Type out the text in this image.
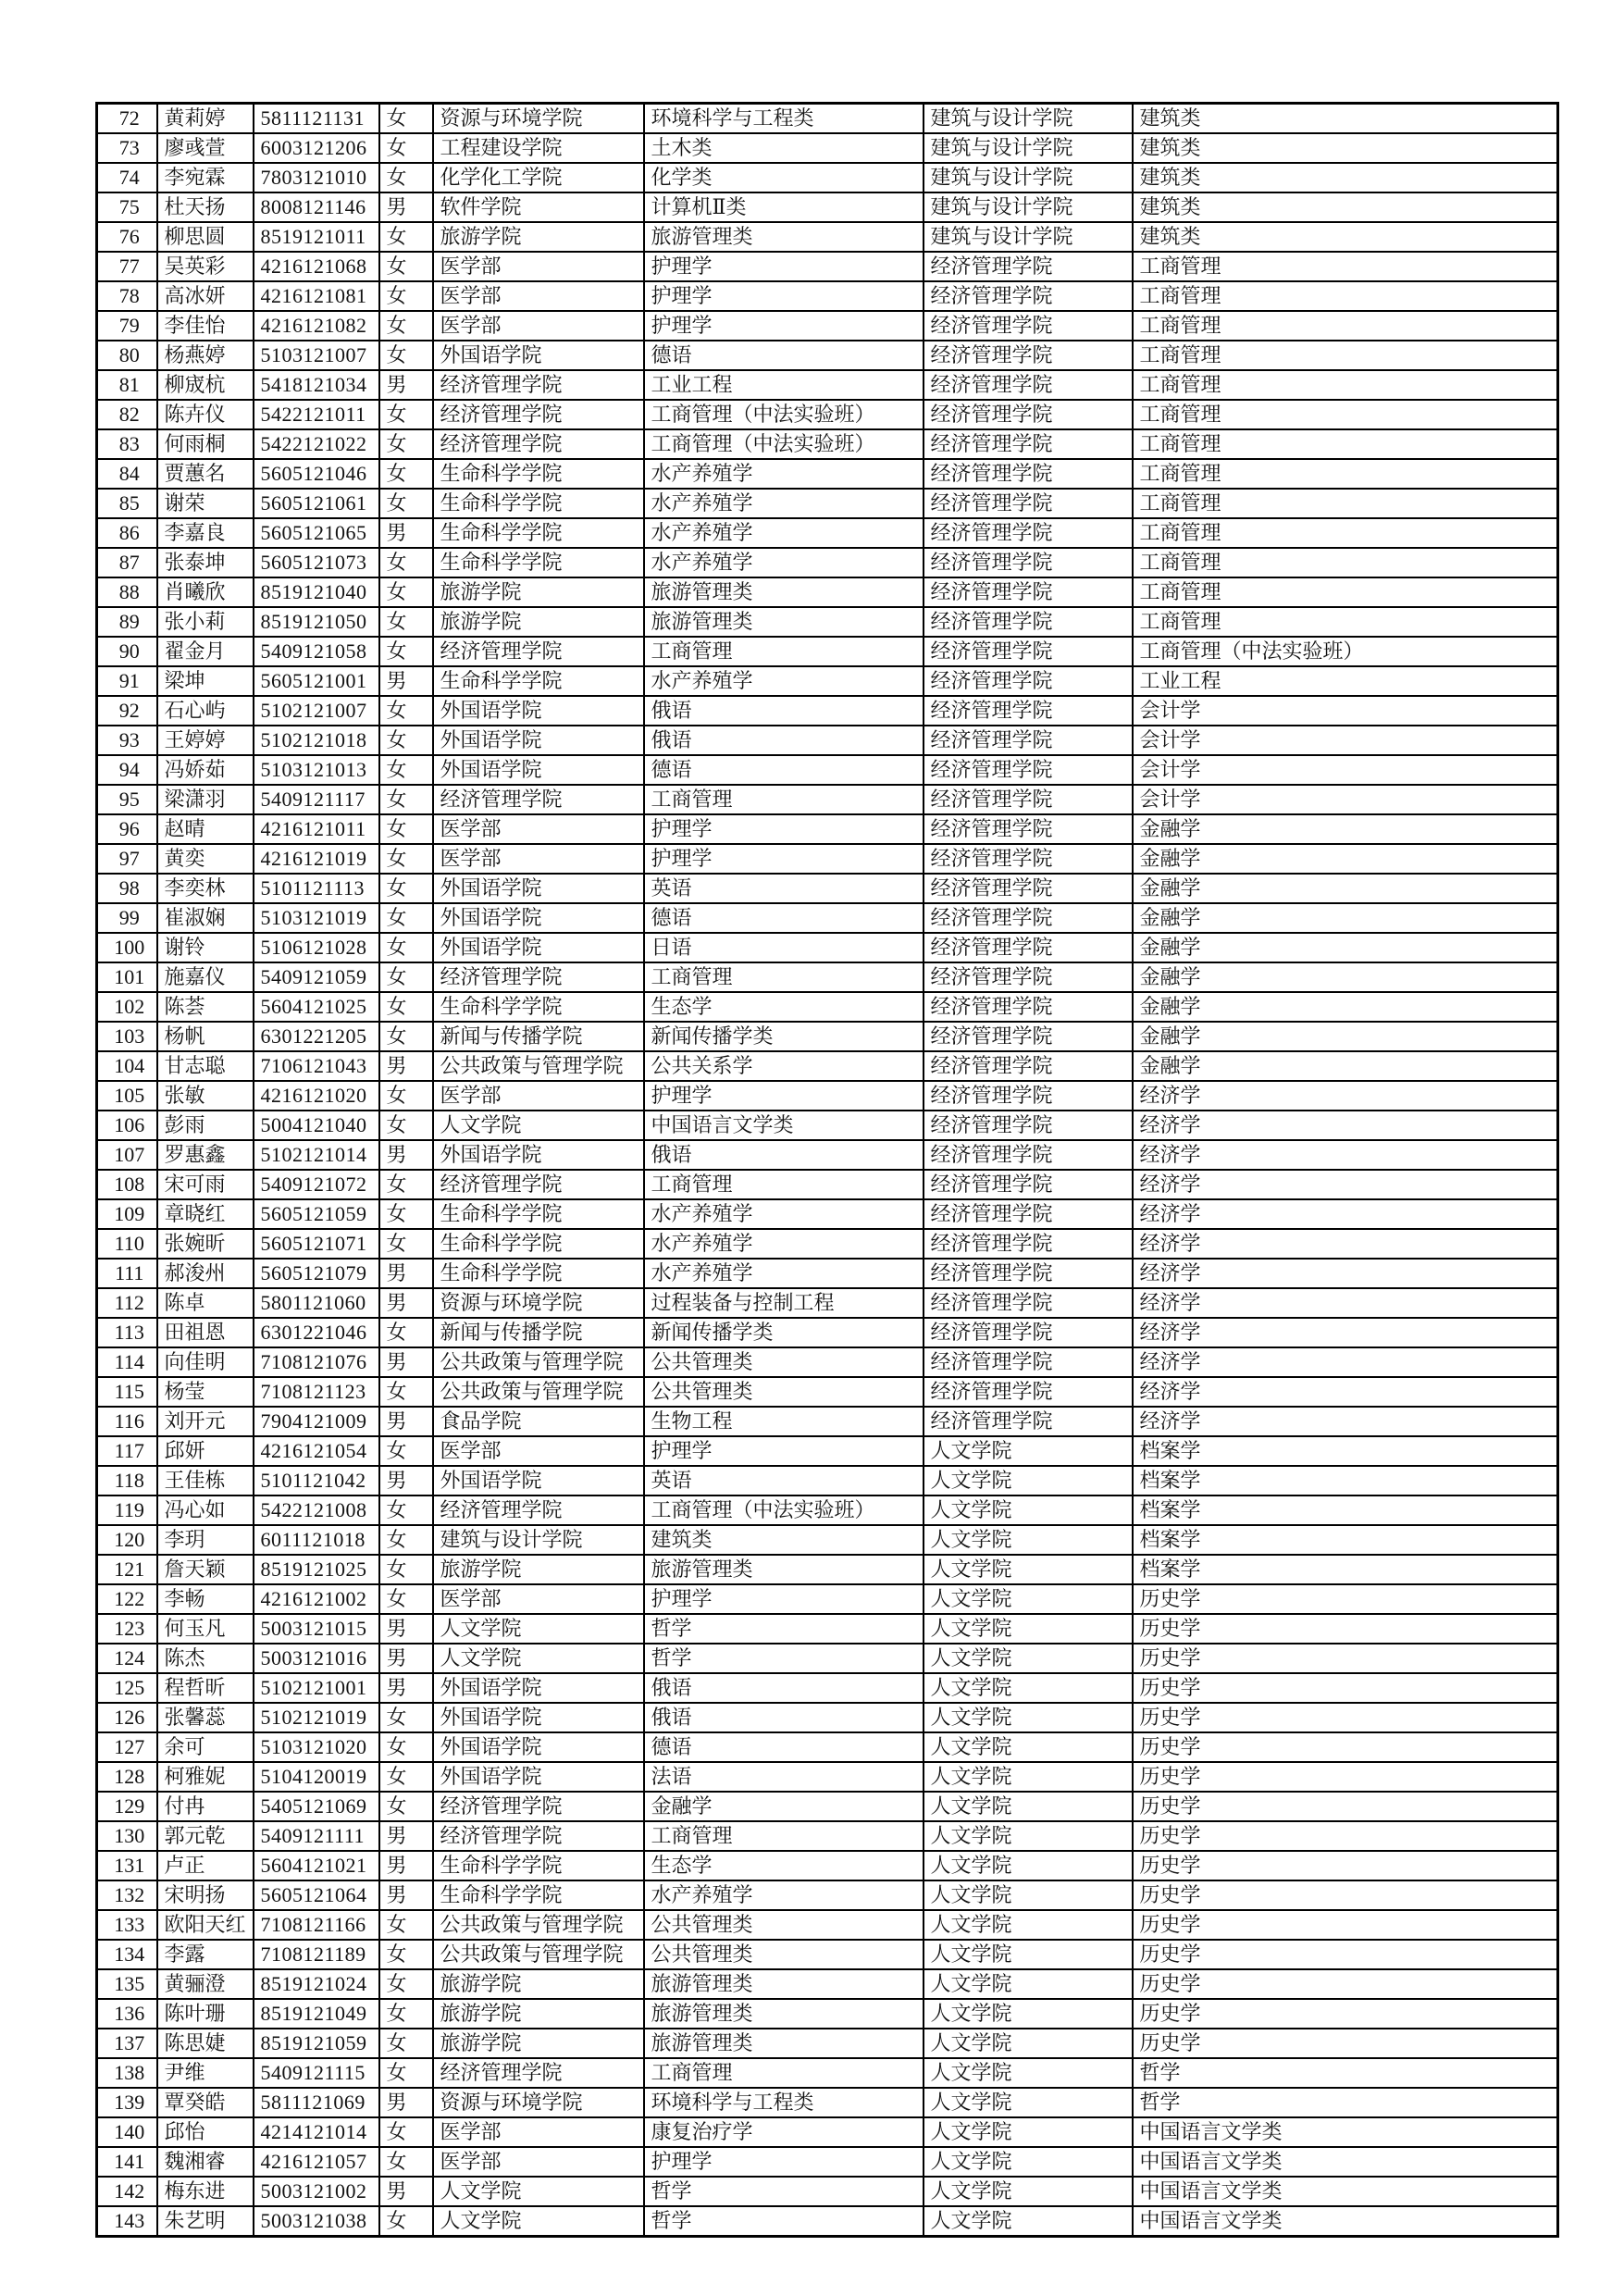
72	黄莉婷	5811121131	女	资源与环境学院	环境科学与工程类	建筑与设计学院	建筑类
73	廖彧萱	6003121206	女	工程建设学院	土木类	建筑与设计学院	建筑类
74	李宛霖	7803121010	女	化学化工学院	化学类	建筑与设计学院	建筑类
75	杜天扬	8008121146	男	软件学院	计算机Ⅱ类	建筑与设计学院	建筑类
76	柳思圆	8519121011	女	旅游学院	旅游管理类	建筑与设计学院	建筑类
77	吴英彩	4216121068	女	医学部	护理学	经济管理学院	工商管理
78	高冰妍	4216121081	女	医学部	护理学	经济管理学院	工商管理
79	李佳怡	4216121082	女	医学部	护理学	经济管理学院	工商管理
80	杨燕婷	5103121007	女	外国语学院	德语	经济管理学院	工商管理
81	柳宬杭	5418121034	男	经济管理学院	工业工程	经济管理学院	工商管理
82	陈卉仪	5422121011	女	经济管理学院	工商管理（中法实验班）	经济管理学院	工商管理
83	何雨桐	5422121022	女	经济管理学院	工商管理（中法实验班）	经济管理学院	工商管理
84	贾蕙名	5605121046	女	生命科学学院	水产养殖学	经济管理学院	工商管理
85	谢荣	5605121061	女	生命科学学院	水产养殖学	经济管理学院	工商管理
86	李嘉良	5605121065	男	生命科学学院	水产养殖学	经济管理学院	工商管理
87	张泰坤	5605121073	女	生命科学学院	水产养殖学	经济管理学院	工商管理
88	肖曦欣	8519121040	女	旅游学院	旅游管理类	经济管理学院	工商管理
89	张小莉	8519121050	女	旅游学院	旅游管理类	经济管理学院	工商管理
90	翟金月	5409121058	女	经济管理学院	工商管理	经济管理学院	工商管理（中法实验班）
91	梁坤	5605121001	男	生命科学学院	水产养殖学	经济管理学院	工业工程
92	石心屿	5102121007	女	外国语学院	俄语	经济管理学院	会计学
93	王婷婷	5102121018	女	外国语学院	俄语	经济管理学院	会计学
94	冯娇茹	5103121013	女	外国语学院	德语	经济管理学院	会计学
95	梁潇羽	5409121117	女	经济管理学院	工商管理	经济管理学院	会计学
96	赵晴	4216121011	女	医学部	护理学	经济管理学院	金融学
97	黄奕	4216121019	女	医学部	护理学	经济管理学院	金融学
98	李奕林	5101121113	女	外国语学院	英语	经济管理学院	金融学
99	崔淑娴	5103121019	女	外国语学院	德语	经济管理学院	金融学
100	谢铃	5106121028	女	外国语学院	日语	经济管理学院	金融学
101	施嘉仪	5409121059	女	经济管理学院	工商管理	经济管理学院	金融学
102	陈荟	5604121025	女	生命科学学院	生态学	经济管理学院	金融学
103	杨帆	6301221205	女	新闻与传播学院	新闻传播学类	经济管理学院	金融学
104	甘志聪	7106121043	男	公共政策与管理学院	公共关系学	经济管理学院	金融学
105	张敏	4216121020	女	医学部	护理学	经济管理学院	经济学
106	彭雨	5004121040	女	人文学院	中国语言文学类	经济管理学院	经济学
107	罗惠鑫	5102121014	男	外国语学院	俄语	经济管理学院	经济学
108	宋可雨	5409121072	女	经济管理学院	工商管理	经济管理学院	经济学
109	章晓红	5605121059	女	生命科学学院	水产养殖学	经济管理学院	经济学
110	张婉昕	5605121071	女	生命科学学院	水产养殖学	经济管理学院	经济学
111	郝浚州	5605121079	男	生命科学学院	水产养殖学	经济管理学院	经济学
112	陈卓	5801121060	男	资源与环境学院	过程装备与控制工程	经济管理学院	经济学
113	田祖恩	6301221046	女	新闻与传播学院	新闻传播学类	经济管理学院	经济学
114	向佳明	7108121076	男	公共政策与管理学院	公共管理类	经济管理学院	经济学
115	杨莹	7108121123	女	公共政策与管理学院	公共管理类	经济管理学院	经济学
116	刘开元	7904121009	男	食品学院	生物工程	经济管理学院	经济学
117	邱妍	4216121054	女	医学部	护理学	人文学院	档案学
118	王佳栋	5101121042	男	外国语学院	英语	人文学院	档案学
119	冯心如	5422121008	女	经济管理学院	工商管理（中法实验班）	人文学院	档案学
120	李玥	6011121018	女	建筑与设计学院	建筑类	人文学院	档案学
121	詹天颖	8519121025	女	旅游学院	旅游管理类	人文学院	档案学
122	李畅	4216121002	女	医学部	护理学	人文学院	历史学
123	何玉凡	5003121015	男	人文学院	哲学	人文学院	历史学
124	陈杰	5003121016	男	人文学院	哲学	人文学院	历史学
125	程哲昕	5102121001	男	外国语学院	俄语	人文学院	历史学
126	张馨蕊	5102121019	女	外国语学院	俄语	人文学院	历史学
127	余可	5103121020	女	外国语学院	德语	人文学院	历史学
128	柯雅妮	5104120019	女	外国语学院	法语	人文学院	历史学
129	付冉	5405121069	女	经济管理学院	金融学	人文学院	历史学
130	郭元乾	5409121111	男	经济管理学院	工商管理	人文学院	历史学
131	卢正	5604121021	男	生命科学学院	生态学	人文学院	历史学
132	宋明扬	5605121064	男	生命科学学院	水产养殖学	人文学院	历史学
133	欧阳天红	7108121166	女	公共政策与管理学院	公共管理类	人文学院	历史学
134	李露	7108121189	女	公共政策与管理学院	公共管理类	人文学院	历史学
135	黄骊澄	8519121024	女	旅游学院	旅游管理类	人文学院	历史学
136	陈叶珊	8519121049	女	旅游学院	旅游管理类	人文学院	历史学
137	陈思婕	8519121059	女	旅游学院	旅游管理类	人文学院	历史学
138	尹维	5409121115	女	经济管理学院	工商管理	人文学院	哲学
139	覃癸皓	5811121069	男	资源与环境学院	环境科学与工程类	人文学院	哲学
140	邱怡	4214121014	女	医学部	康复治疗学	人文学院	中国语言文学类
141	魏湘睿	4216121057	女	医学部	护理学	人文学院	中国语言文学类
142	梅东进	5003121002	男	人文学院	哲学	人文学院	中国语言文学类
143	朱艺明	5003121038	女	人文学院	哲学	人文学院	中国语言文学类
